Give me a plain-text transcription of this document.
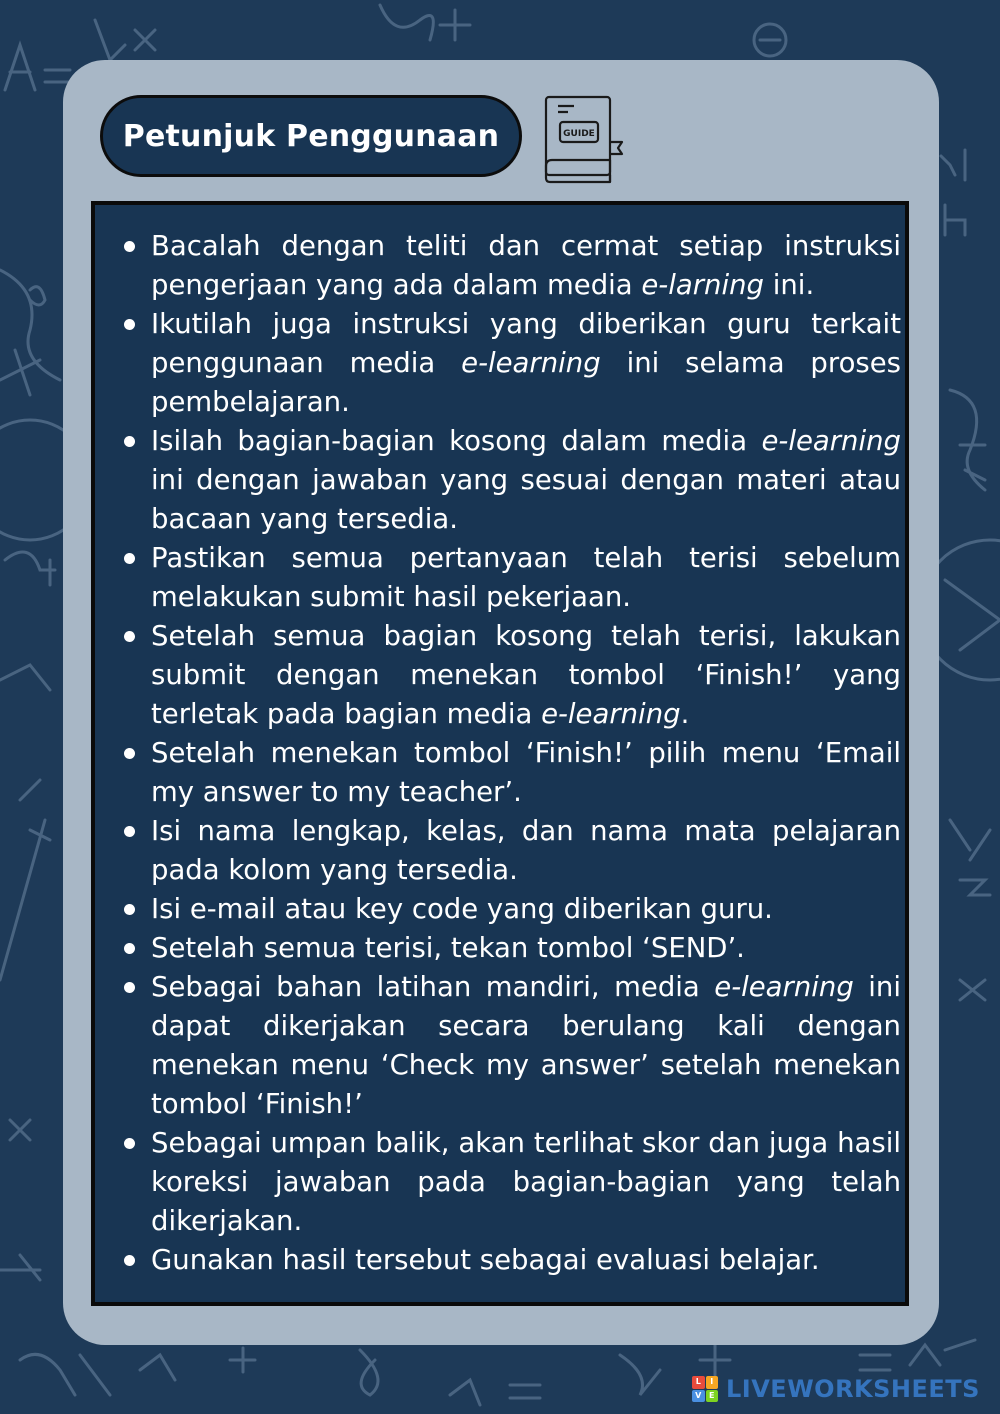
Petunjuk Penggunaan	GUIDE
Bacalah dengan teliti dan cermat setiap instruksi pengerjaan yang ada dalam media e-larning ini.
Ikutilah juga instruksi yang diberikan guru terkait penggunaan media e-learning ini selama proses pembelajaran.
Isilah bagian-bagian kosong dalam media e-learning ini dengan jawaban yang sesuai dengan materi atau bacaan yang tersedia.
Pastikan semua pertanyaan telah terisi sebelum melakukan submit hasil pekerjaan.
Setelah semua bagian kosong telah terisi, lakukan submit dengan menekan tombol ‘Finish!’ yang terletak pada bagian media e-learning.
Setelah menekan tombol ‘Finish!’ pilih menu ‘Email my answer to my teacher’.
Isi nama lengkap, kelas, dan nama mata pelajaran pada kolom yang tersedia.
Isi e-mail atau key code yang diberikan guru.
Setelah semua terisi, tekan tombol ‘SEND’.
Sebagai bahan latihan mandiri, media e-learning ini dapat dikerjakan secara berulang kali dengan menekan menu ‘Check my answer’ setelah menekan tombol ‘Finish!’
Sebagai umpan balik, akan terlihat skor dan juga hasil koreksi jawaban pada bagian-bagian yang telah dikerjakan.
Gunakan hasil tersebut sebagai evaluasi belajar.
L	I
V E LIVEWORKSHEETS
